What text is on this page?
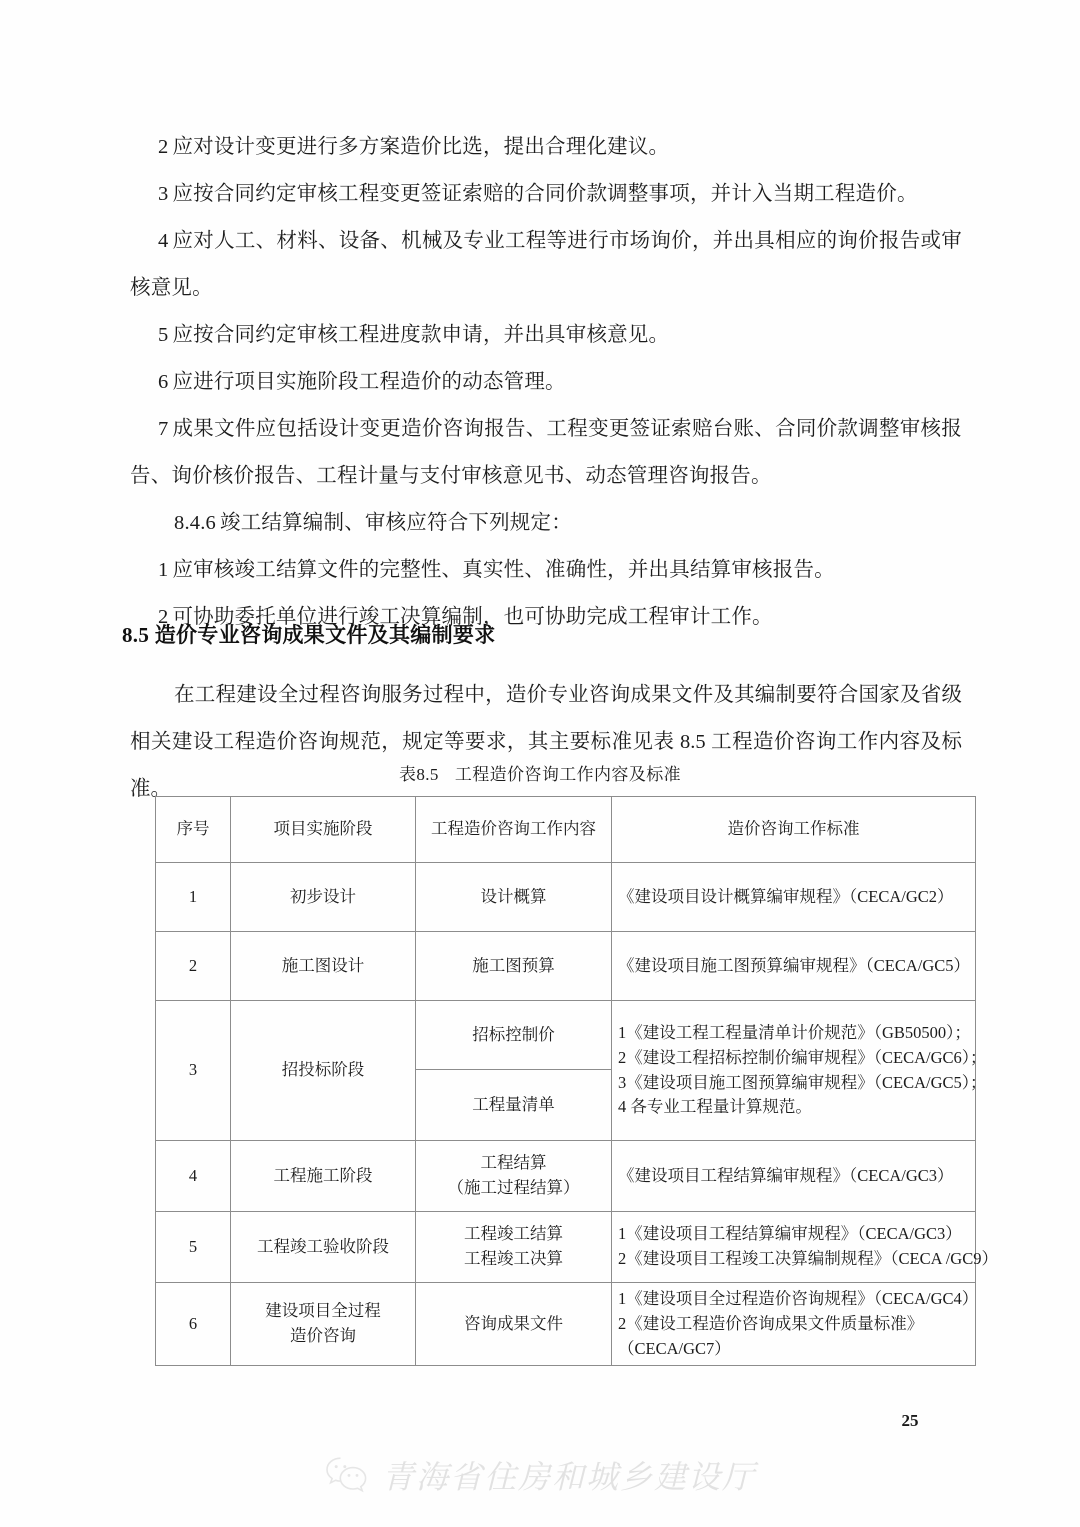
2 应对设计变更进行多方案造价比选，提出合理化建议。

3 应按合同约定审核工程变更签证索赔的合同价款调整事项，并计入当期工程造价。

4 应对人工、材料、设备、机械及专业工程等进行市场询价，并出具相应的询价报告或审核意见。

5 应按合同约定审核工程进度款申请，并出具审核意见。

6 应进行项目实施阶段工程造价的动态管理。

7 成果文件应包括设计变更造价咨询报告、工程变更签证索赔台账、合同价款调整审核报告、询价核价报告、工程计量与支付审核意见书、动态管理咨询报告。

8.4.6 竣工结算编制、审核应符合下列规定：

1 应审核竣工结算文件的完整性、真实性、准确性，并出具结算审核报告。

2 可协助委托单位进行竣工决算编制，也可协助完成工程审计工作。

8.5 造价专业咨询成果文件及其编制要求
在工程建设全过程咨询服务过程中，造价专业咨询成果文件及其编制要符合国家及省级相关建设工程造价咨询规范，规定等要求，其主要标准见表 8.5 工程造价咨询工作内容及标准。
表8.5 工程造价咨询工作内容及标准
序号	项目实施阶段	工程造价咨询工作内容	造价咨询工作标准
1	初步设计	设计概算	《建设项目设计概算编审规程》（CECA/GC2）

2	施工图设计	施工图预算	《建设项目施工图预算编审规程》（CECA/GC5）

3	招投标阶段	招标控制价	1《建设工程工程量清单计价规范》（GB50500）；
2《建设工程招标控制价编审规程》（CECA/GC6）；
3《建设项目施工图预算编审规程》（CECA/GC5）；
4 各专业工程量计算规范。

		工程量清单	
4	工程施工阶段	工程结算
（施工过程结算）	《建设项目工程结算编审规程》（CECA/GC3）

5	工程竣工验收阶段	工程竣工结算
工程竣工决算	1《建设项目工程结算编审规程》（CECA/GC3）
2《建设项目工程竣工决算编制规程》（CECA /GC9）

6	建设项目全过程
造价咨询	咨询成果文件	1《建设项目全过程造价咨询规程》（CECA/GC4）
2《建设工程造价咨询成果文件质量标准》（CECA/GC7）
25
青海省住房和城乡建设厅
